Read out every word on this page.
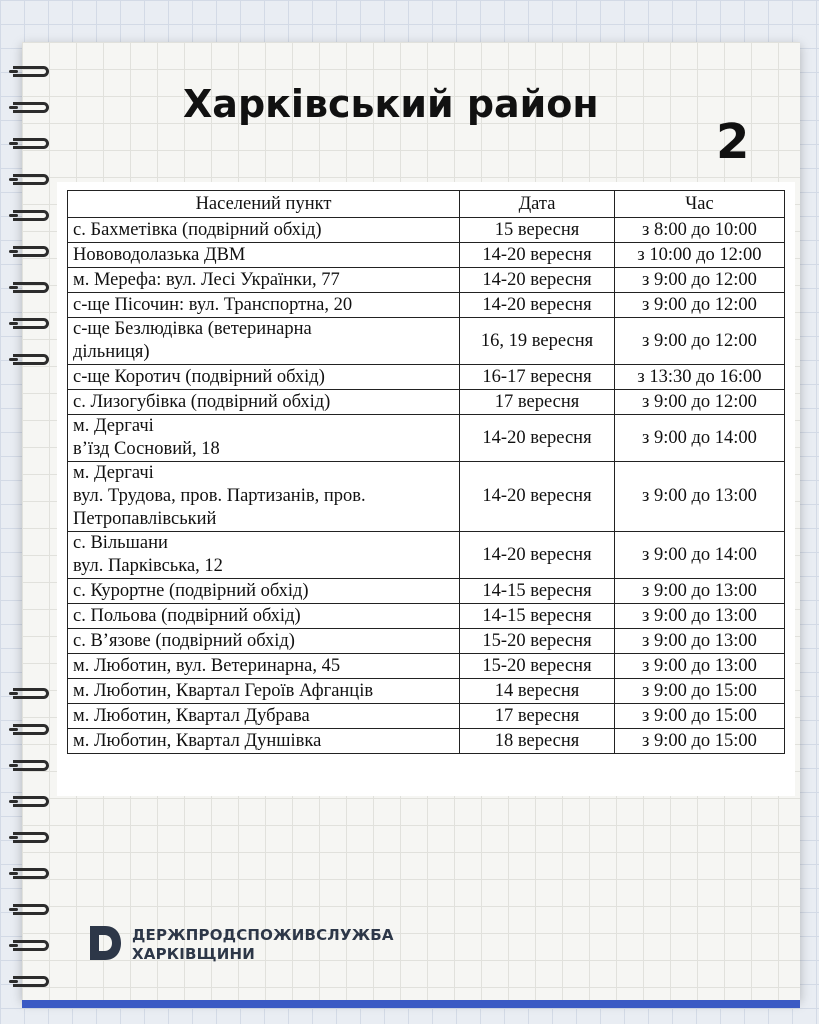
Харківський район
2
Населений пункт	Дата	Час

с. Бахметівка (подвірний обхід)	15 вересня	з 8:00 до 10:00

Нововодолазька ДВМ	14-20 вересня	з 10:00 до 12:00

м. Мерефа: вул. Лесі Українки, 77	14-20 вересня	з 9:00 до 12:00

с-ще Пісочин: вул. Транспортна, 20	14-20 вересня	з 9:00 до 12:00

с-ще Безлюдівка (ветеринарна
дільниця)	16, 19 вересня	з 9:00 до 12:00

с-ще Коротич (подвірний обхід)	16-17 вересня	з 13:30 до 16:00

с. Лизогубівка (подвірний обхід)	17 вересня	з 9:00 до 12:00

м. Дергачі
в’їзд Сосновий, 18	14-20 вересня	з 9:00 до 14:00

м. Дергачі
вул. Трудова, пров. Партизанів, пров.
Петропавлівський	14-20 вересня	з 9:00 до 13:00

с. Вільшани
вул. Парківська, 12	14-20 вересня	з 9:00 до 14:00

с. Курортне (подвірний обхід)	14-15 вересня	з 9:00 до 13:00

с. Польова (подвірний обхід)	14-15 вересня	з 9:00 до 13:00

с. В’язове (подвірний обхід)	15-20 вересня	з 9:00 до 13:00

м. Люботин, вул. Ветеринарна, 45	15-20 вересня	з 9:00 до 13:00

м. Люботин, Квартал Героїв Афганців	14 вересня	з 9:00 до 15:00

м. Люботин, Квартал Дубрава	17 вересня	з 9:00 до 15:00

м. Люботин, Квартал Дуншівка	18 вересня	з 9:00 до 15:00
ДЕРЖПРОДСПОЖИВСЛУЖБА
ХАРКІВЩИНИ
